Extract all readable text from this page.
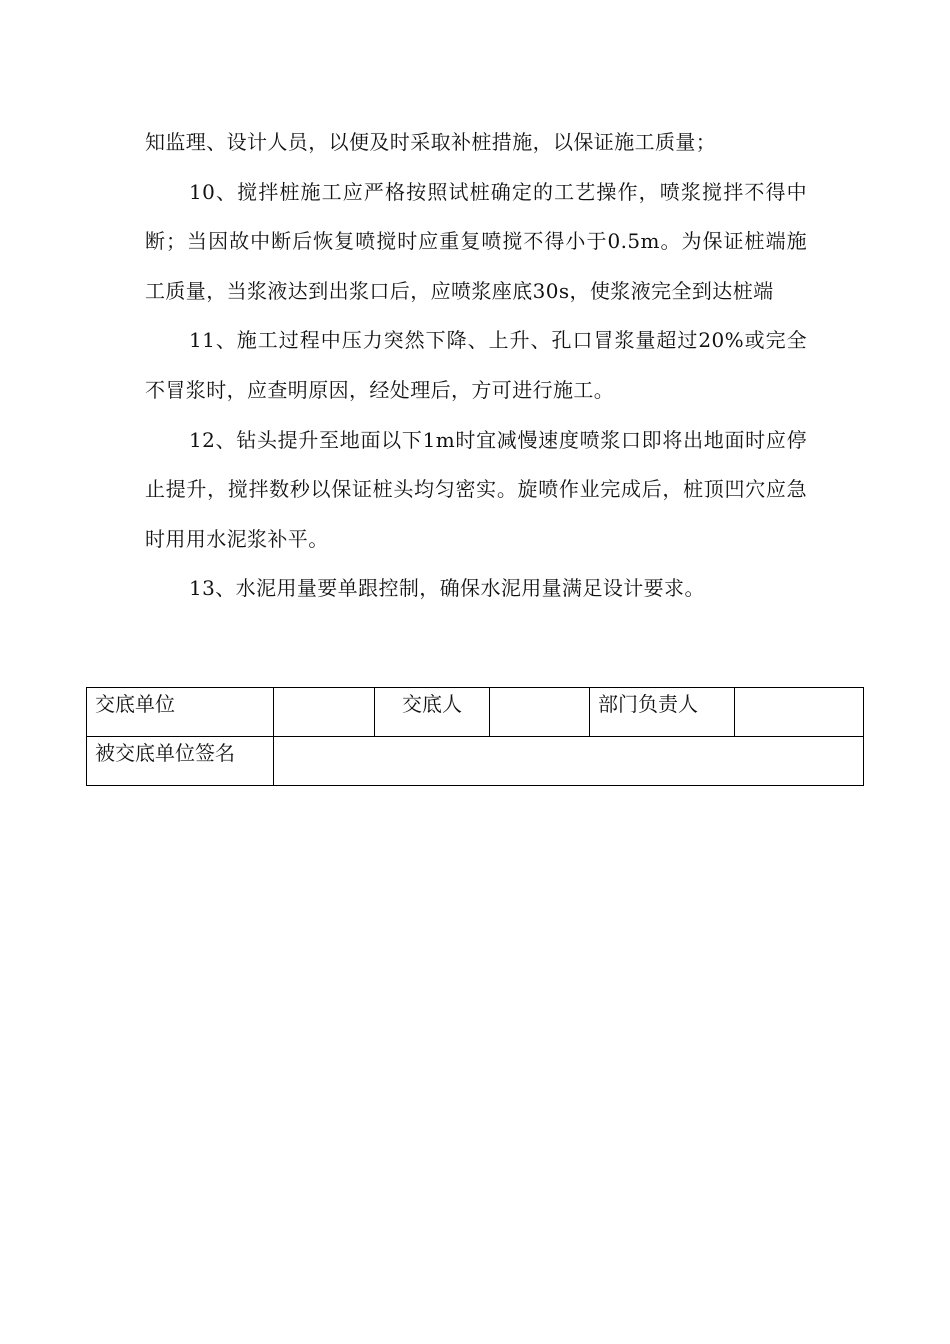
知监理、设计人员，以便及时采取补桩措施，以保证施工质量；

10、搅拌桩施工应严格按照试桩确定的工艺操作，喷浆搅拌不得中断；当因故中断后恢复喷搅时应重复喷搅不得小于0.5m。为保证桩端施工质量，当浆液达到出浆口后，应喷浆座底30s，使浆液完全到达桩端

11、施工过程中压力突然下降、上升、孔口冒浆量超过20%或完全不冒浆时，应查明原因，经处理后，方可进行施工。

12、钻头提升至地面以下1m时宜减慢速度喷浆口即将出地面时应停止提升，搅拌数秒以保证桩头均匀密实。旋喷作业完成后，桩顶凹穴应急时用用水泥浆补平。

13、水泥用量要单跟控制，确保水泥用量满足设计要求。

交底单位		交底人		部门负责人	
被交底单位签名					
